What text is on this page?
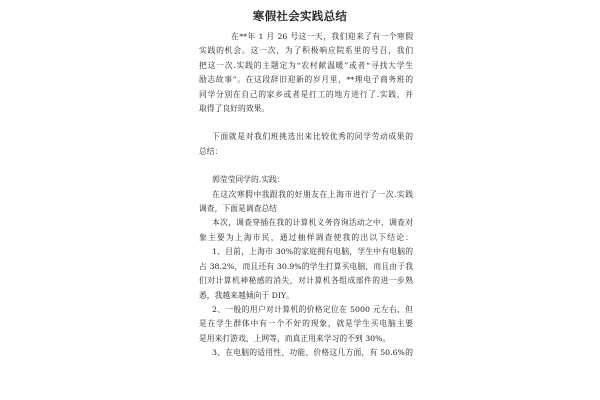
寒假社会实践总结
在**年 1 月 26 号这一天，我们迎来了有一个寒假
实践的机会。这一次，为了积极响应院系里的号召，我们
把这一次.实践的主题定为“农村献温暖”或者“寻找大学生
励志故事”。在这段辞旧迎新的岁月里，**理电子商务班的
同学分别在自己的家乡或者是打工的地方进行了.实践，并
取得了良好的效果。
下面就是对我们班挑选出来比较优秀的同学劳动成果的
总结：
郭莹莹同学的.实践：
在这次寒假中我跟我的好朋友在上海市进行了一次.实践
调查，下面是调查总结
本次，调查穿插在我的计算机义务咨询活动之中，调查对
象主要为上海市民，通过抽样调查使我的出以下结论：
1、目前，上海市 30%的家庭拥有电脑，学生中有电脑的
占 38.2%，而且还有 30.9%的学生打算买电脑，而且由于我
们对计算机神秘感的消失，对计算机各组成部件的进一步熟
悉，我越来越倾向于 DIY。
2、一般的用户对计算机的价格定位在 5000 元左右，但
是在学生群体中有一个不好的现象，就是学生买电脑主要
是用来打游戏、上网等，而真正用来学习的不到 30%。
3、在电脑的适用性、功能、价格这几方面，有 50.6%的
